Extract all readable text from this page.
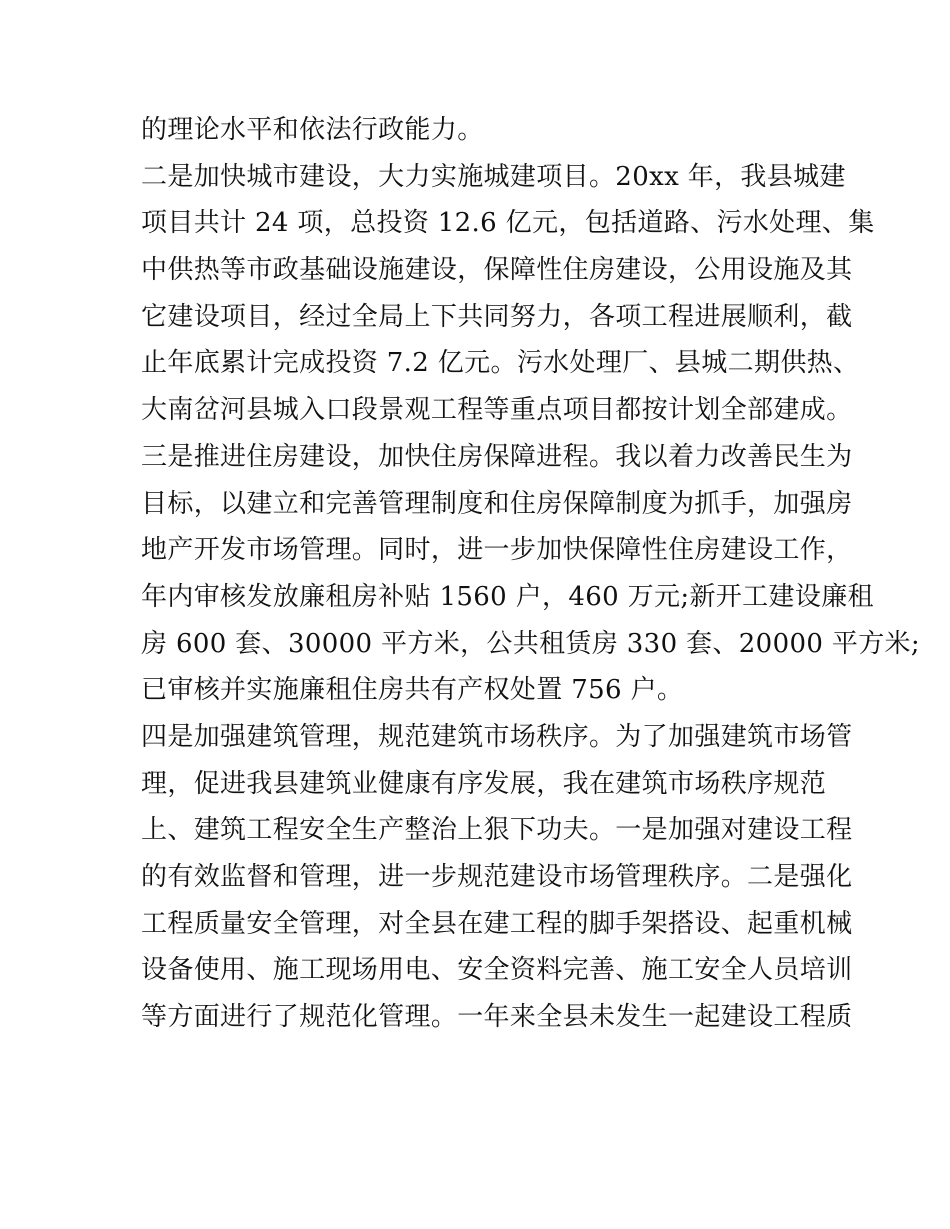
的理论水平和依法行政能力。
二是加快城市建设，大力实施城建项目。20xx 年，我县城建
项目共计 24 项，总投资 12.6 亿元，包括道路、污水处理、集
中供热等市政基础设施建设，保障性住房建设，公用设施及其
它建设项目，经过全局上下共同努力，各项工程进展顺利，截
止年底累计完成投资 7.2 亿元。污水处理厂、县城二期供热、
大南岔河县城入口段景观工程等重点项目都按计划全部建成。
三是推进住房建设，加快住房保障进程。我以着力改善民生为
目标，以建立和完善管理制度和住房保障制度为抓手，加强房
地产开发市场管理。同时，进一步加快保障性住房建设工作，
年内审核发放廉租房补贴 1560 户，460 万元;新开工建设廉租
房 600 套、30000 平方米，公共租赁房 330 套、20000 平方米;
已审核并实施廉租住房共有产权处置 756 户。
四是加强建筑管理，规范建筑市场秩序。为了加强建筑市场管
理，促进我县建筑业健康有序发展，我在建筑市场秩序规范
上、建筑工程安全生产整治上狠下功夫。一是加强对建设工程
的有效监督和管理，进一步规范建设市场管理秩序。二是强化
工程质量安全管理，对全县在建工程的脚手架搭设、起重机械
设备使用、施工现场用电、安全资料完善、施工安全人员培训
等方面进行了规范化管理。一年来全县未发生一起建设工程质
